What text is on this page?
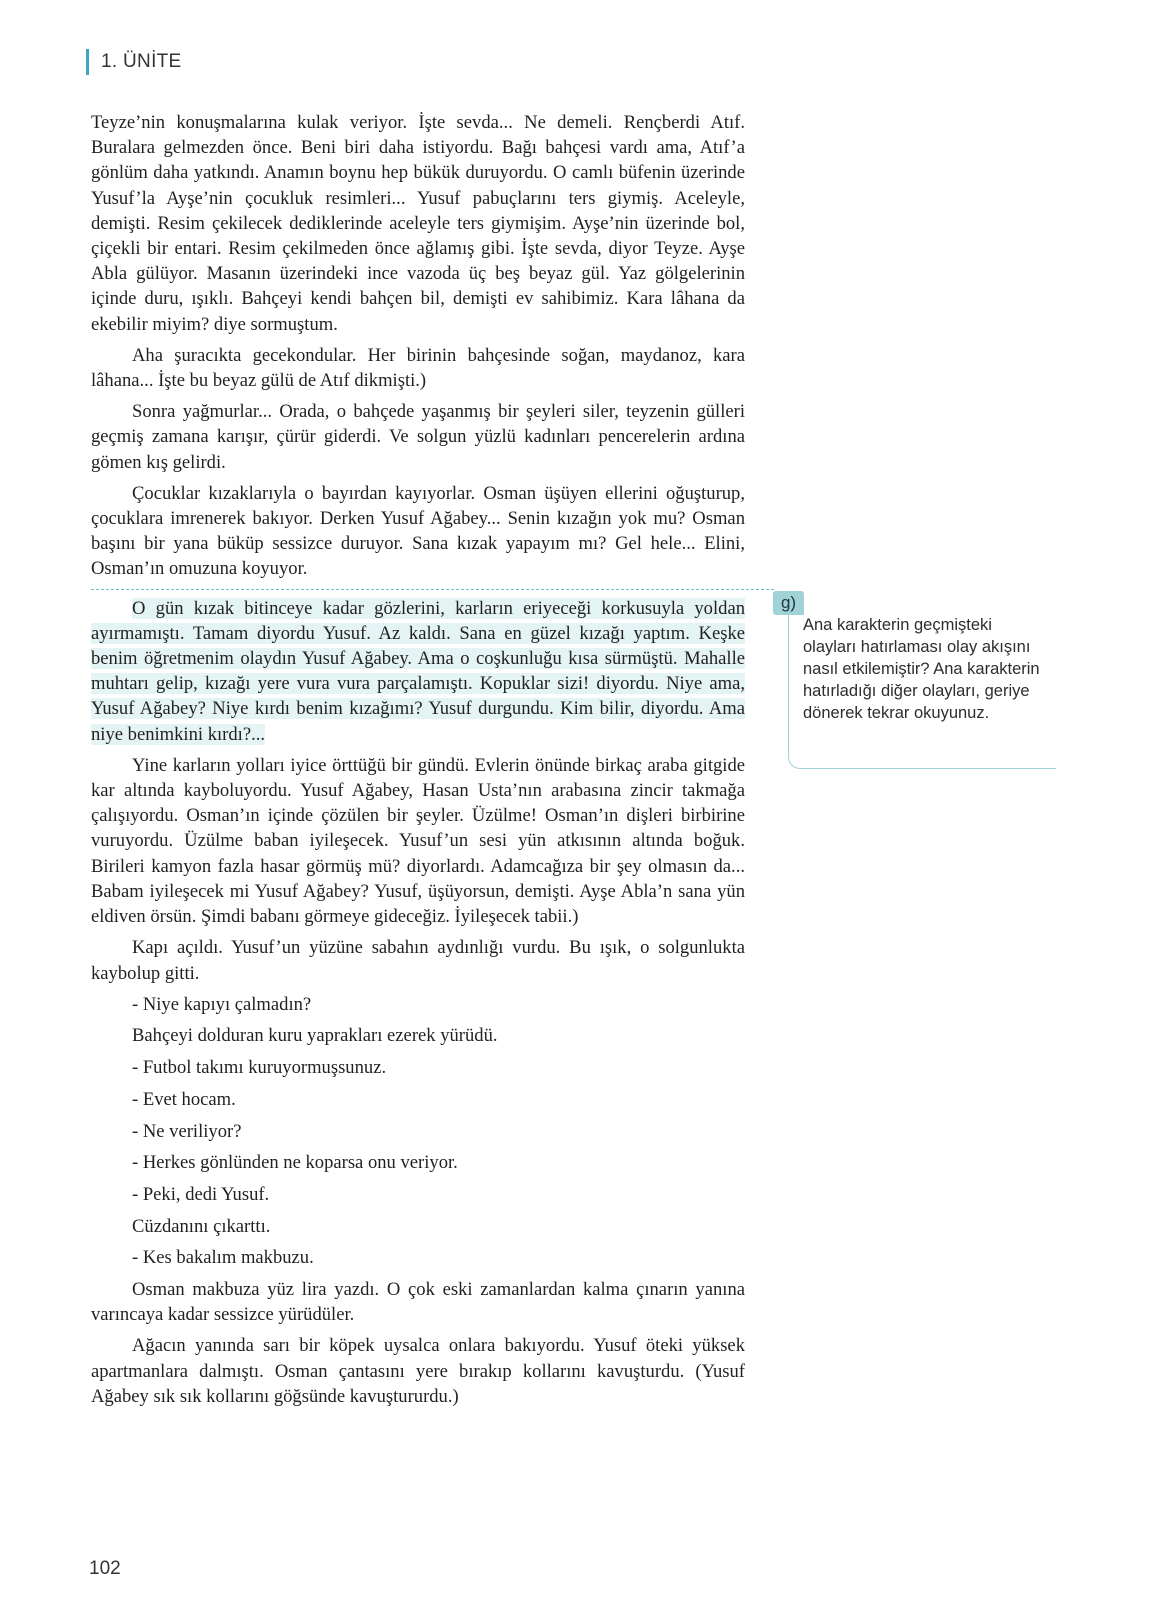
1. ÜNİTE

Teyze’nin konuşmalarına kulak veriyor. İşte sevda... Ne demeli. Rençberdi Atıf. Buralara gelmezden önce. Beni biri daha istiyordu. Bağı bahçesi vardı ama, Atıf’a gönlüm daha yatkındı. Anamın boynu hep bükük duruyordu. O camlı büfenin üzerinde Yusuf’la Ayşe’nin çocukluk resimleri... Yusuf pabuçlarını ters giymiş. Aceleyle, demişti. Resim çekilecek dediklerinde aceleyle ters giymişim. Ayşe’nin üzerinde bol, çiçekli bir entari. Resim çekilmeden önce ağlamış gibi. İşte sevda, diyor Teyze. Ayşe Abla gülüyor. Masanın üzerindeki ince vazoda üç beş beyaz gül. Yaz gölgelerinin içinde duru, ışıklı. Bahçeyi kendi bahçen bil, demişti ev sahibimiz. Kara lâhana da ekebilir miyim? diye sormuştum.

Aha şuracıkta gecekondular. Her birinin bahçesinde soğan, maydanoz, kara lâhana... İşte bu beyaz gülü de Atıf dikmişti.)

Sonra yağmurlar... Orada, o bahçede yaşanmış bir şeyleri siler, teyzenin gülleri geçmiş zamana karışır, çürür giderdi. Ve solgun yüzlü kadınları pencerelerin ardına gömen kış gelirdi.

Çocuklar kızaklarıyla o bayırdan kayıyorlar. Osman üşüyen ellerini oğuşturup, çocuklara imrenerek bakıyor. Derken Yusuf Ağabey... Senin kızağın yok mu? Osman başını bir yana büküp sessizce duruyor. Sana kızak yapayım mı? Gel hele... Elini, Osman’ın omuzuna koyuyor.

O gün kızak bitinceye kadar gözlerini, karların eriyeceği korkusuyla yoldan ayırmamıştı. Tamam diyordu Yusuf. Az kaldı. Sana en güzel kızağı yaptım. Keşke benim öğretmenim olaydın Yusuf Ağabey. Ama o coşkunluğu kısa sürmüştü. Mahalle muhtarı gelip, kızağı yere vura vura parçalamıştı. Kopuklar sizi! diyordu. Niye ama, Yusuf Ağabey? Niye kırdı benim kızağımı? Yusuf durgundu. Kim bilir, diyordu. Ama niye benimkini kırdı?...

Yine karların yolları iyice örttüğü bir gündü. Evlerin önünde birkaç araba gitgide kar altında kayboluyordu. Yusuf Ağabey, Hasan Usta’nın arabasına zincir takmağa çalışıyordu. Osman’ın içinde çözülen bir şeyler. Üzülme! Osman’ın dişleri birbirine vuruyordu. Üzülme baban iyileşecek. Yusuf’un sesi yün atkısının altında boğuk. Birileri kamyon fazla hasar görmüş mü? diyorlardı. Adamcağıza bir şey olmasın da... Babam iyileşecek mi Yusuf Ağabey? Yusuf, üşüyorsun, demişti. Ayşe Abla’n sana yün eldiven örsün. Şimdi babanı görmeye gideceğiz. İyileşecek tabii.)

Kapı açıldı. Yusuf’un yüzüne sabahın aydınlığı vurdu. Bu ışık, o solgunlukta kaybolup gitti.

- Niye kapıyı çalmadın?

Bahçeyi dolduran kuru yaprakları ezerek yürüdü.

- Futbol takımı kuruyormuşsunuz.

- Evet hocam.

- Ne veriliyor?

- Herkes gönlünden ne koparsa onu veriyor.

- Peki, dedi Yusuf.

Cüzdanını çıkarttı.

- Kes bakalım makbuzu.

Osman makbuza yüz lira yazdı. O çok eski zamanlardan kalma çınarın yanına varıncaya kadar sessizce yürüdüler.

Ağacın yanında sarı bir köpek uysalca onlara bakıyordu. Yusuf öteki yüksek apartmanlara dalmıştı. Osman çantasını yere bırakıp kollarını kavuşturdu. (Yusuf Ağabey sık sık kollarını göğsünde kavuştururdu.)

g)
Ana karakterin geçmişteki olayları hatırlaması olay akışını nasıl etkilemiştir? Ana karakterin hatırladığı diğer olayları, geriye dönerek tekrar okuyunuz.
102
